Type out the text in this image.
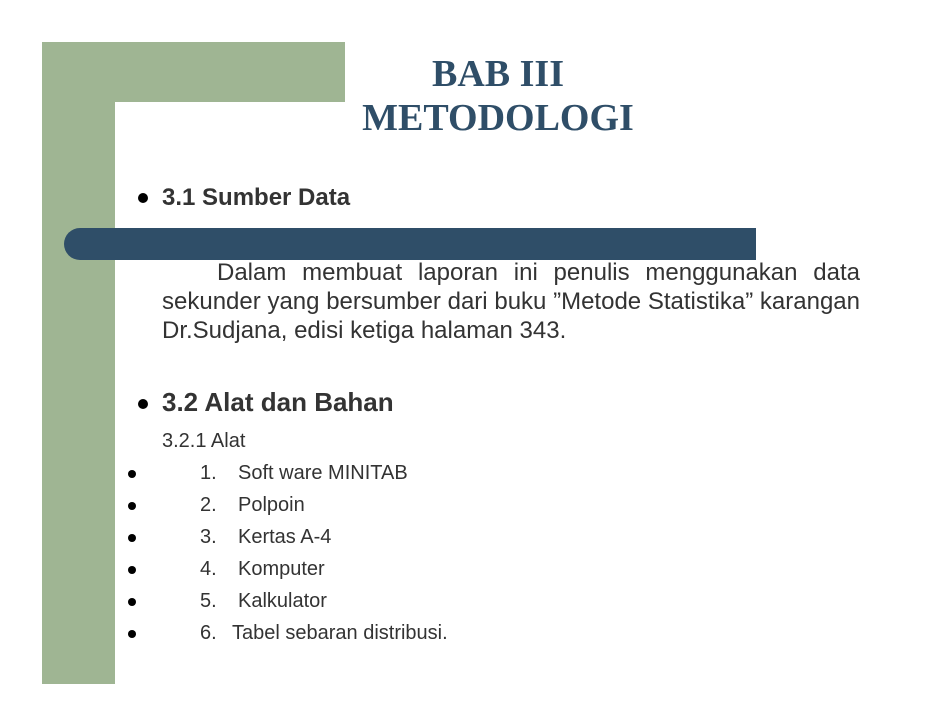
BAB III
METODOLOGI
3.1 Sumber Data
Dalam membuat laporan ini penulis menggunakan data sekunder yang bersumber dari buku ”Metode Statistika” karangan Dr.Sudjana, edisi ketiga halaman 343.
3.2 Alat dan Bahan
3.2.1 Alat
1. Soft ware MINITAB
2. Polpoin
3. Kertas A-4
4. Komputer
5. Kalkulator
6. Tabel sebaran distribusi.
